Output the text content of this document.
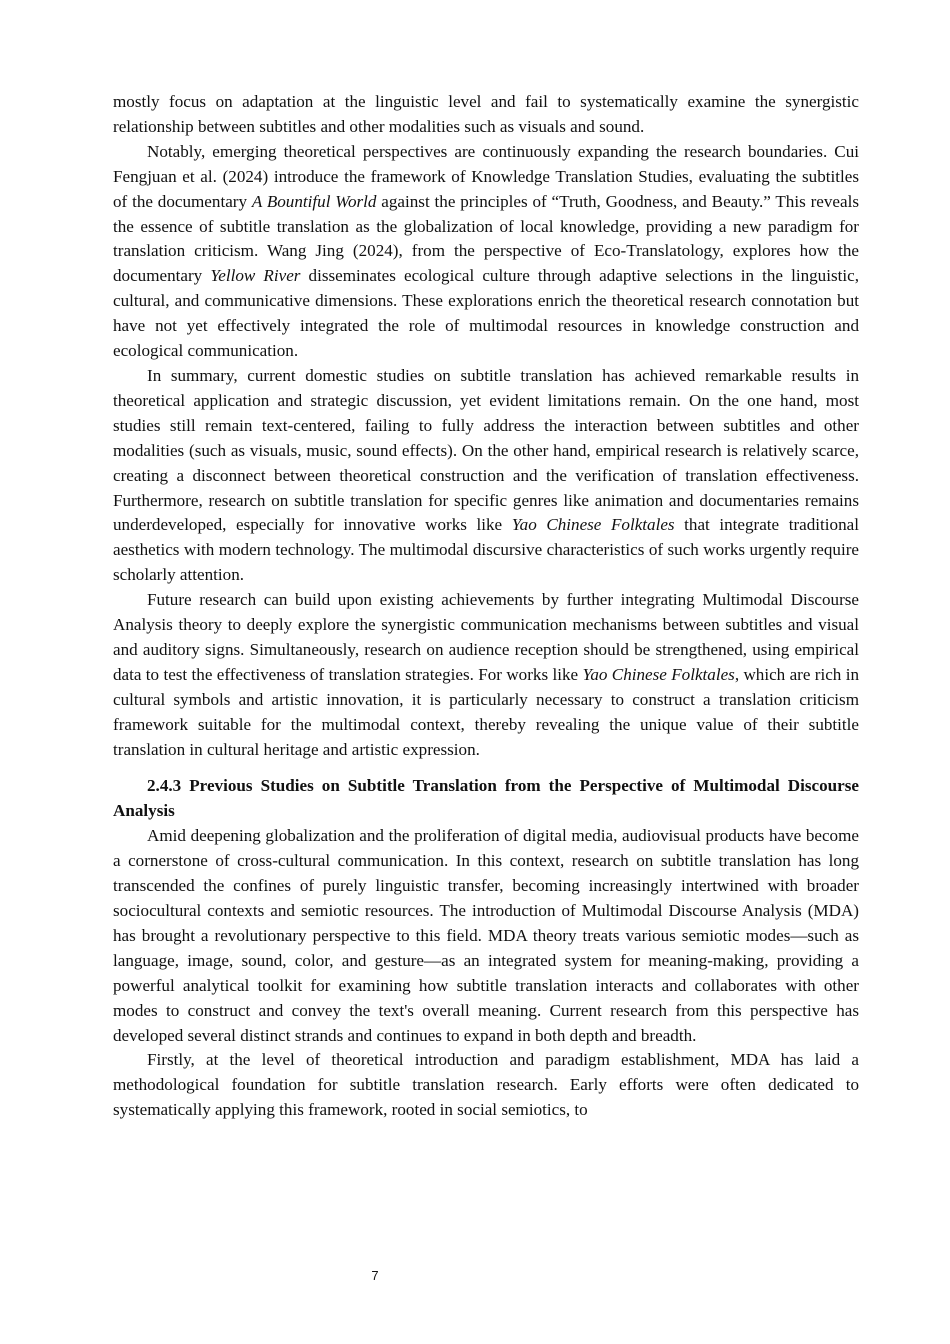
mostly focus on adaptation at the linguistic level and fail to systematically examine the synergistic relationship between subtitles and other modalities such as visuals and sound.

Notably, emerging theoretical perspectives are continuously expanding the research boundaries. Cui Fengjuan et al. (2024) introduce the framework of Knowledge Translation Studies, evaluating the subtitles of the documentary A Bountiful World against the principles of “Truth, Goodness, and Beauty.” This reveals the essence of subtitle translation as the globalization of local knowledge, providing a new paradigm for translation criticism. Wang Jing (2024), from the perspective of Eco-Translatology, explores how the documentary Yellow River disseminates ecological culture through adaptive selections in the linguistic, cultural, and communicative dimensions. These explorations enrich the theoretical research connotation but have not yet effectively integrated the role of multimodal resources in knowledge construction and ecological communication.

In summary, current domestic studies on subtitle translation has achieved remarkable results in theoretical application and strategic discussion, yet evident limitations remain. On the one hand, most studies still remain text-centered, failing to fully address the interaction between subtitles and other modalities (such as visuals, music, sound effects). On the other hand, empirical research is relatively scarce, creating a disconnect between theoretical construction and the verification of translation effectiveness. Furthermore, research on subtitle translation for specific genres like animation and documentaries remains underdeveloped, especially for innovative works like Yao Chinese Folktales that integrate traditional aesthetics with modern technology. The multimodal discursive characteristics of such works urgently require scholarly attention.

Future research can build upon existing achievements by further integrating Multimodal Discourse Analysis theory to deeply explore the synergistic communication mechanisms between subtitles and visual and auditory signs. Simultaneously, research on audience reception should be strengthened, using empirical data to test the effectiveness of translation strategies. For works like Yao Chinese Folktales, which are rich in cultural symbols and artistic innovation, it is particularly necessary to construct a translation criticism framework suitable for the multimodal context, thereby revealing the unique value of their subtitle translation in cultural heritage and artistic expression.

2.4.3 Previous Studies on Subtitle Translation from the Perspective of Multimodal Discourse Analysis

Amid deepening globalization and the proliferation of digital media, audiovisual products have become a cornerstone of cross-cultural communication. In this context, research on subtitle translation has long transcended the confines of purely linguistic transfer, becoming increasingly intertwined with broader sociocultural contexts and semiotic resources. The introduction of Multimodal Discourse Analysis (MDA) has brought a revolutionary perspective to this field. MDA theory treats various semiotic modes—such as language, image, sound, color, and gesture—as an integrated system for meaning-making, providing a powerful analytical toolkit for examining how subtitle translation interacts and collaborates with other modes to construct and convey the text's overall meaning. Current research from this perspective has developed several distinct strands and continues to expand in both depth and breadth.

Firstly, at the level of theoretical introduction and paradigm establishment, MDA has laid a methodological foundation for subtitle translation research. Early efforts were often dedicated to systematically applying this framework, rooted in social semiotics, to

7
